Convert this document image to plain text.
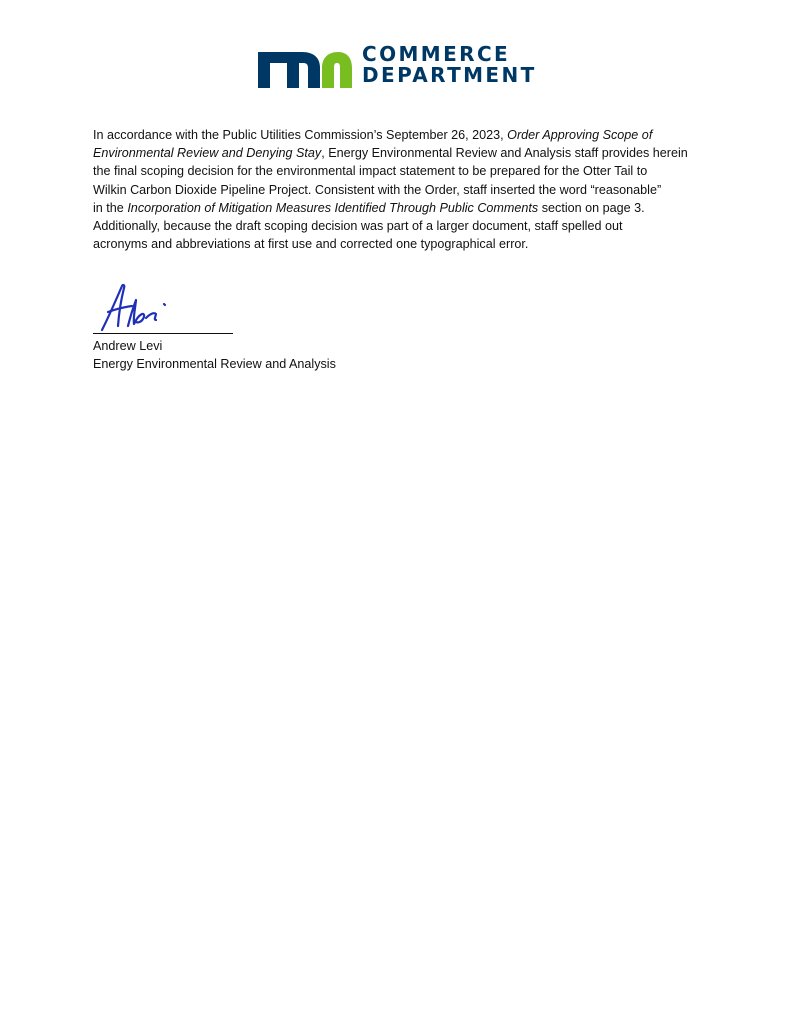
COMMERCE
DEPARTMENT
In accordance with the Public Utilities Commission’s September 26, 2023, Order Approving Scope of
Environmental Review and Denying Stay, Energy Environmental Review and Analysis staff provides herein
the final scoping decision for the environmental impact statement to be prepared for the Otter Tail to
Wilkin Carbon Dioxide Pipeline Project. Consistent with the Order, staff inserted the word “reasonable”
in the Incorporation of Mitigation Measures Identified Through Public Comments section on page 3.
Additionally, because the draft scoping decision was part of a larger document, staff spelled out
acronyms and abbreviations at first use and corrected one typographical error.
Andrew Levi
Energy Environmental Review and Analysis
